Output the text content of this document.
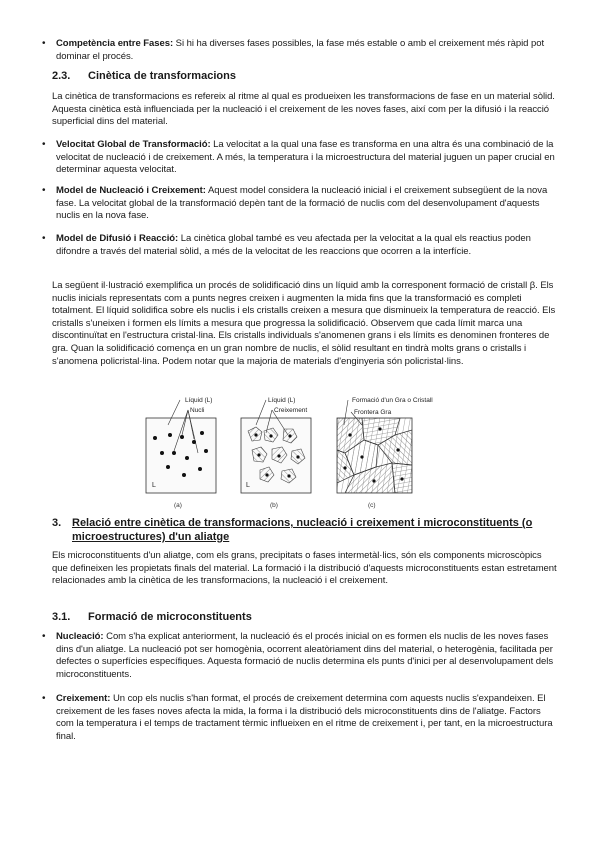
• Competència entre Fases: Si hi ha diverses fases possibles, la fase més estable o amb el creixement més ràpid pot dominar el procés.
2.3. Cinètica de transformacions

La cinètica de transformacions es refereix al ritme al qual es produeixen les transformacions de fase en un material sòlid. Aquesta cinètica està influenciada per la nucleació i el creixement de les noves fases, així com per la difusió i la reacció superficial dins del material.

• Velocitat Global de Transformació: La velocitat a la qual una fase es transforma en una altra és una combinació de la velocitat de nucleació i de creixement. A més, la temperatura i la microestructura del material juguen un paper crucial en determinar aquesta velocitat.
• Model de Nucleació i Creixement: Aquest model considera la nucleació inicial i el creixement subsegüent de la nova fase. La velocitat global de la transformació depèn tant de la formació de nuclis com del desenvolupament d'aquests nuclis en la nova fase.
• Model de Difusió i Reacció: La cinètica global també es veu afectada per la velocitat a la qual els reactius poden difondre a través del material sòlid, a més de la velocitat de les reaccions que ocorren a la interfície.

La següent il·lustració exemplifica un procés de solidificació dins un líquid amb la corresponent formació de cristall β. Els nuclis inicials representats com a punts negres creixen i augmenten la mida fins que la transformació es completi totalment. El líquid solidifica sobre els nuclis i els cristalls creixen a mesura que disminueix la temperatura de reacció. Els cristalls s'uneixen i formen els límits a mesura que progressa la solidificació. Observem que cada límit marca una discontinuïtat en l'estructura cristal·lina. Els cristalls individuals s'anomenen grans i els límits es denominen fronteres de gra. Quan la solidificació comença en un gran nombre de nuclis, el sòlid resultant en tindrà molts grans o cristalls i s'anomena policristal·lina. Podem notar que la majoria de materials d'enginyeria són policristal·lins.

Líquid (L)
Nucli
L
(a)
Líquid (L)
Creixement
L
(b)
Formació d'un Gra o Cristall
Frontera Gra
(c)
3. Relació entre cinètica de transformacions, nucleació i creixement i microconstituents (o microestructures) d'un aliatge

Els microconstituents d'un aliatge, com els grans, precipitats o fases intermetàl·lics, són els components microscòpics que defineixen les propietats finals del material. La formació i la distribució d'aquests microconstituents estan estretament relacionades amb la cinètica de les transformacions, la nucleació i el creixement.

3.1. Formació de microconstituents
• Nucleació: Com s'ha explicat anteriorment, la nucleació és el procés inicial on es formen els nuclis de les noves fases dins d'un aliatge. La nucleació pot ser homogènia, ocorrent aleatòriament dins del material, o heterogènia, facilitada per defectes o superfícies específiques. Aquesta formació de nuclis determina els punts d'inici per al desenvolupament dels microconstituents.
• Creixement: Un cop els nuclis s'han format, el procés de creixement determina com aquests nuclis s'expandeixen. El creixement de les fases noves afecta la mida, la forma i la distribució dels microconstituents dins de l'aliatge. Factors com la temperatura i el temps de tractament tèrmic influeixen en el ritme de creixement i, per tant, en la microestructura final.
